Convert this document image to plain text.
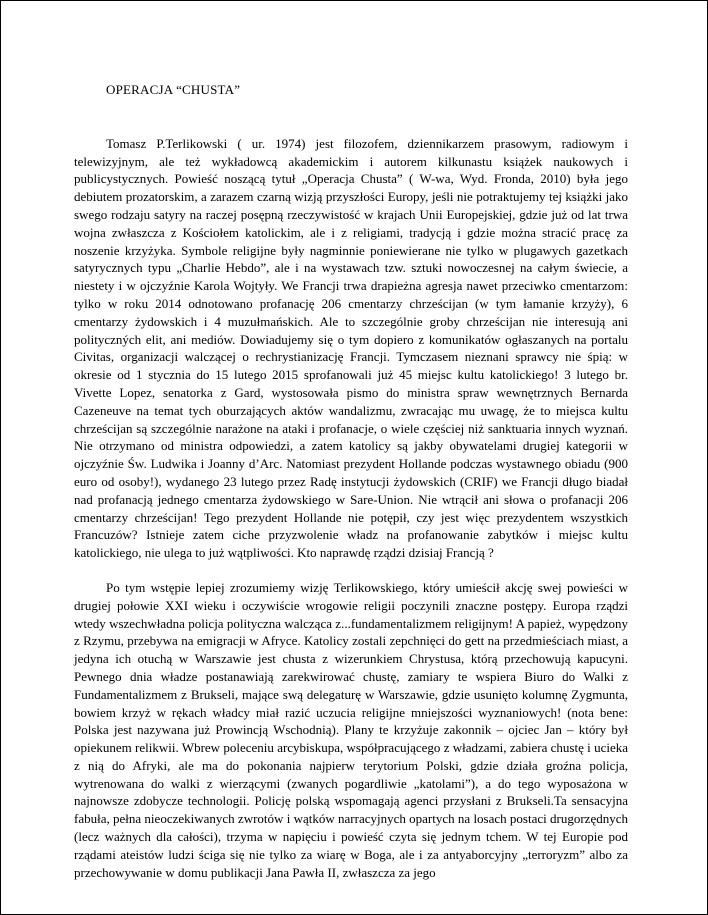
OPERACJA “CHUSTA”

Tomasz P.Terlikowski ( ur. 1974) jest filozofem, dziennikarzem prasowym, radiowym i telewizyjnym, ale też wykładowcą akademickim i autorem kilkunastu książek naukowych i publicystycznych. Powieść noszącą tytuł „Operacja Chusta” ( W-wa, Wyd. Fronda, 2010) była jego debiutem prozatorskim, a zarazem czarną wizją przyszłości Europy, jeśli nie potraktujemy tej książki jako swego rodzaju satyry na raczej posępną rzeczywistość w krajach Unii Europejskiej, gdzie już od lat trwa wojna zwłaszcza z Kościołem katolickim, ale i z religiami, tradycją i gdzie można stracić pracę za noszenie krzyżyka. Symbole religijne były nagminnie poniewierane nie tylko w plugawych gazetkach satyrycznych typu „Charlie Hebdo”, ale i na wystawach tzw. sztuki nowoczesnej na całym świecie, a niestety i w ojczyźnie Karola Wojtyły. We Francji trwa drapieżna agresja nawet przeciwko cmentarzom: tylko w roku 2014 odnotowano profanację 206 cmentarzy chrześcijan (w tym łamanie krzyży), 6 cmentarzy żydowskich i 4 muzułmańskich. Ale to szczególnie groby chrześcijan nie interesują ani polityczných elit, ani mediów. Dowiadujemy się o tym dopiero z komunikatów ogłaszanych na portalu Civitas, organizacji walczącej o rechrystianizację Francji. Tymczasem nieznani sprawcy nie śpią: w okresie od 1 stycznia do 15 lutego 2015 sprofanowali już 45 miejsc kultu katolickiego! 3 lutego br. Vivette Lopez, senatorka z Gard, wystosowała pismo do ministra spraw wewnętrznych Bernarda Cazeneuve na temat tych oburzających aktów wandalizmu, zwracając mu uwagę, że to miejsca kultu chrześcijan są szczególnie narażone na ataki i profanacje, o wiele częściej niż sanktuaria innych wyznań. Nie otrzymano od ministra odpowiedzi, a zatem katolicy są jakby obywatelami drugiej kategorii w ojczyźnie Św. Ludwika i Joanny d’Arc. Natomiast prezydent Hollande podczas wystawnego obiadu (900 euro od osoby!), wydanego 23 lutego przez Radę instytucji żydowskich (CRIF) we Francji długo biadał nad profanacją jednego cmentarza żydowskiego w Sare-Union. Nie wtrącił ani słowa o profanacji 206 cmentarzy chrześcijan! Tego prezydent Hollande nie potępił, czy jest więc prezydentem wszystkich Francuzów? Istnieje zatem ciche przyzwolenie władz na profanowanie zabytków i miejsc kultu katolickiego, nie ulega to już wątpliwości. Kto naprawdę rządzi dzisiaj Francją ?

Po tym wstępie lepiej zrozumiemy wizję Terlikowskiego, który umieścił akcję swej powieści w drugiej połowie XXI wieku i oczywiście wrogowie religii poczynili znaczne postępy. Europa rządzi wtedy wszechwładna policja polityczna walcząca z...fundamentalizmem religijnym! A papież, wypędzony z Rzymu, przebywa na emigracji w Afryce. Katolicy zostali zepchnięci do gett na przedmieściach miast, a jedyna ich otuchą w Warszawie jest chusta z wizerunkiem Chrystusa, którą przechowują kapucyni. Pewnego dnia władze postanawiają zarekwirować chustę, zamiary te wspiera Biuro do Walki z Fundamentalizmem z Brukseli, mające swą delegaturę w Warszawie, gdzie usunięto kolumnę Zygmunta, bowiem krzyż w rękach władcy miał razić uczucia religijne mniejszości wyznaniowych! (nota bene: Polska jest nazywana już Prowincją Wschodnią). Plany te krzyżuje zakonnik – ojciec Jan – który był opiekunem relikwii. Wbrew poleceniu arcybiskupa, współpracującego z władzami, zabiera chustę i ucieka z nią do Afryki, ale ma do pokonania najpierw terytorium Polski, gdzie działa groźna policja, wytrenowana do walki z wierzącymi (zwanych pogardliwie „katolami”), a do tego wyposażona w najnowsze zdobycze technologii. Policję polską wspomagają agenci przysłani z Brukseli.Ta sensacyjna fabuła, pełna nieoczekiwanych zwrotów i wątków narracyjnych opartych na losach postaci drugorzędnych (lecz ważnych dla całości), trzyma w napięciu i powieść czyta się jednym tchem. W tej Europie pod rządami ateistów ludzi ściga się nie tylko za wiarę w Boga, ale i za antyaborcyjny „terroryzm” albo za przechowywanie w domu publikacji Jana Pawła II, zwłaszcza za jego
